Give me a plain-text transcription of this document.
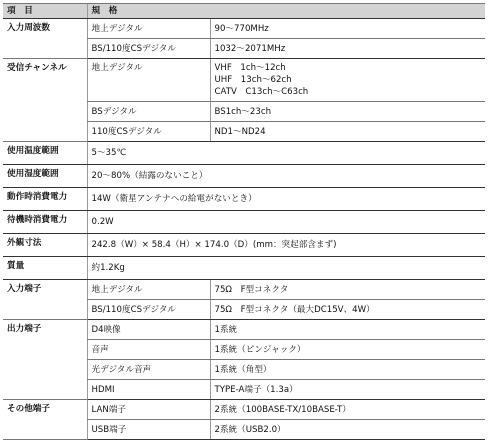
項　目	規　格	
入力周波数	地上デジタル	90～770MHz
	BS/110度CSデジタル	1032～2071MHz
受信チャンネル	地上デジタル	VHF　1ch～12ch
UHF　13ch～62ch
CATV　C13ch～C63ch

	BSデジタル	BS1ch～23ch
	110度CSデジタル	ND1～ND24
使用温度範囲	5～35℃	
使用湿度範囲	20～80%（結露のないこと）	
動作時消費電力	14W（衛星アンテナへの給電がないとき）	
待機時消費電力	0.2W	
外観寸法	242.8（W）× 58.4（H）× 174.0（D）(mm：突起部含まず)	
質量	約1.2Kg	
入力端子	地上デジタル	75Ω　F型コネクタ
	BS/110度CSデジタル	75Ω　F型コネクタ（最大DC15V、4W）
出力端子	D4映像	1系統
	音声	1系統（ピンジャック）
	光デジタル音声	1系統（角型）
	HDMI	TYPE-A端子（1.3a）
その他端子	LAN端子	2系統（100BASE-TX/10BASE-T）
	USB端子	2系統（USB2.0）
